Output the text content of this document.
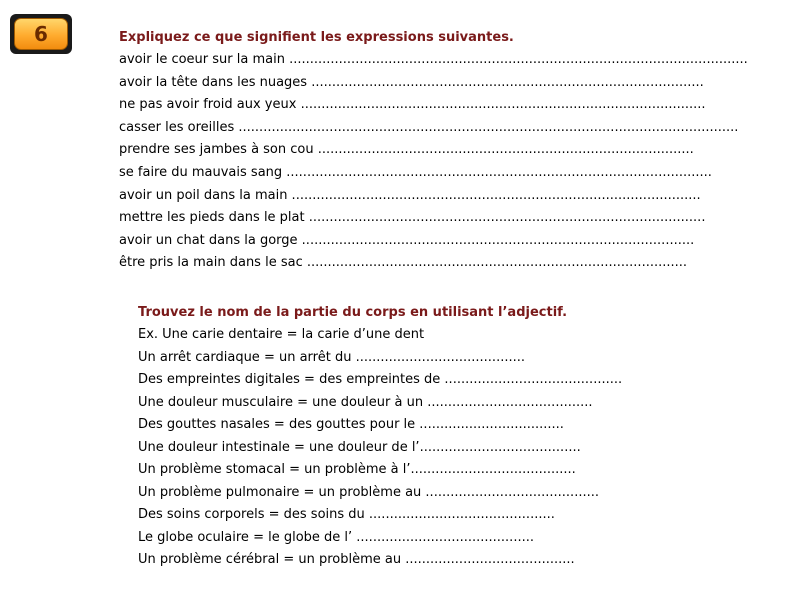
6	Expliquez ce que signifient les expressions suivantes.
avoir le coeur sur la main ...............................................................................................................
avoir la tête dans les nuages ...............................................................................................
ne pas avoir froid aux yeux ..................................................................................................
casser les oreilles .........................................................................................................................
prendre ses jambes à son cou ...........................................................................................
se faire du mauvais sang .......................................................................................................
avoir un poil dans la main ...................................................................................................
mettre les pieds dans le plat ................................................................................................
avoir un chat dans la gorge ...............................................................................................
être pris la main dans le sac ............................................................................................
Trouvez le nom de la partie du corps en utilisant l’adjectif.
Ex. Une carie dentaire = la carie d’une dent
Un arrêt cardiaque = un arrêt du .........................................
Des empreintes digitales = des empreintes de ...........................................
Une douleur musculaire = une douleur à un ........................................
Des gouttes nasales = des gouttes pour le ...................................
Une douleur intestinale = une douleur de l’.......................................
Un problème stomacal = un problème à l’........................................
Un problème pulmonaire = un problème au ..........................................
Des soins corporels = des soins du .............................................
Le globe oculaire = le globe de l’ ...........................................
Un problème cérébral = un problème au .........................................
